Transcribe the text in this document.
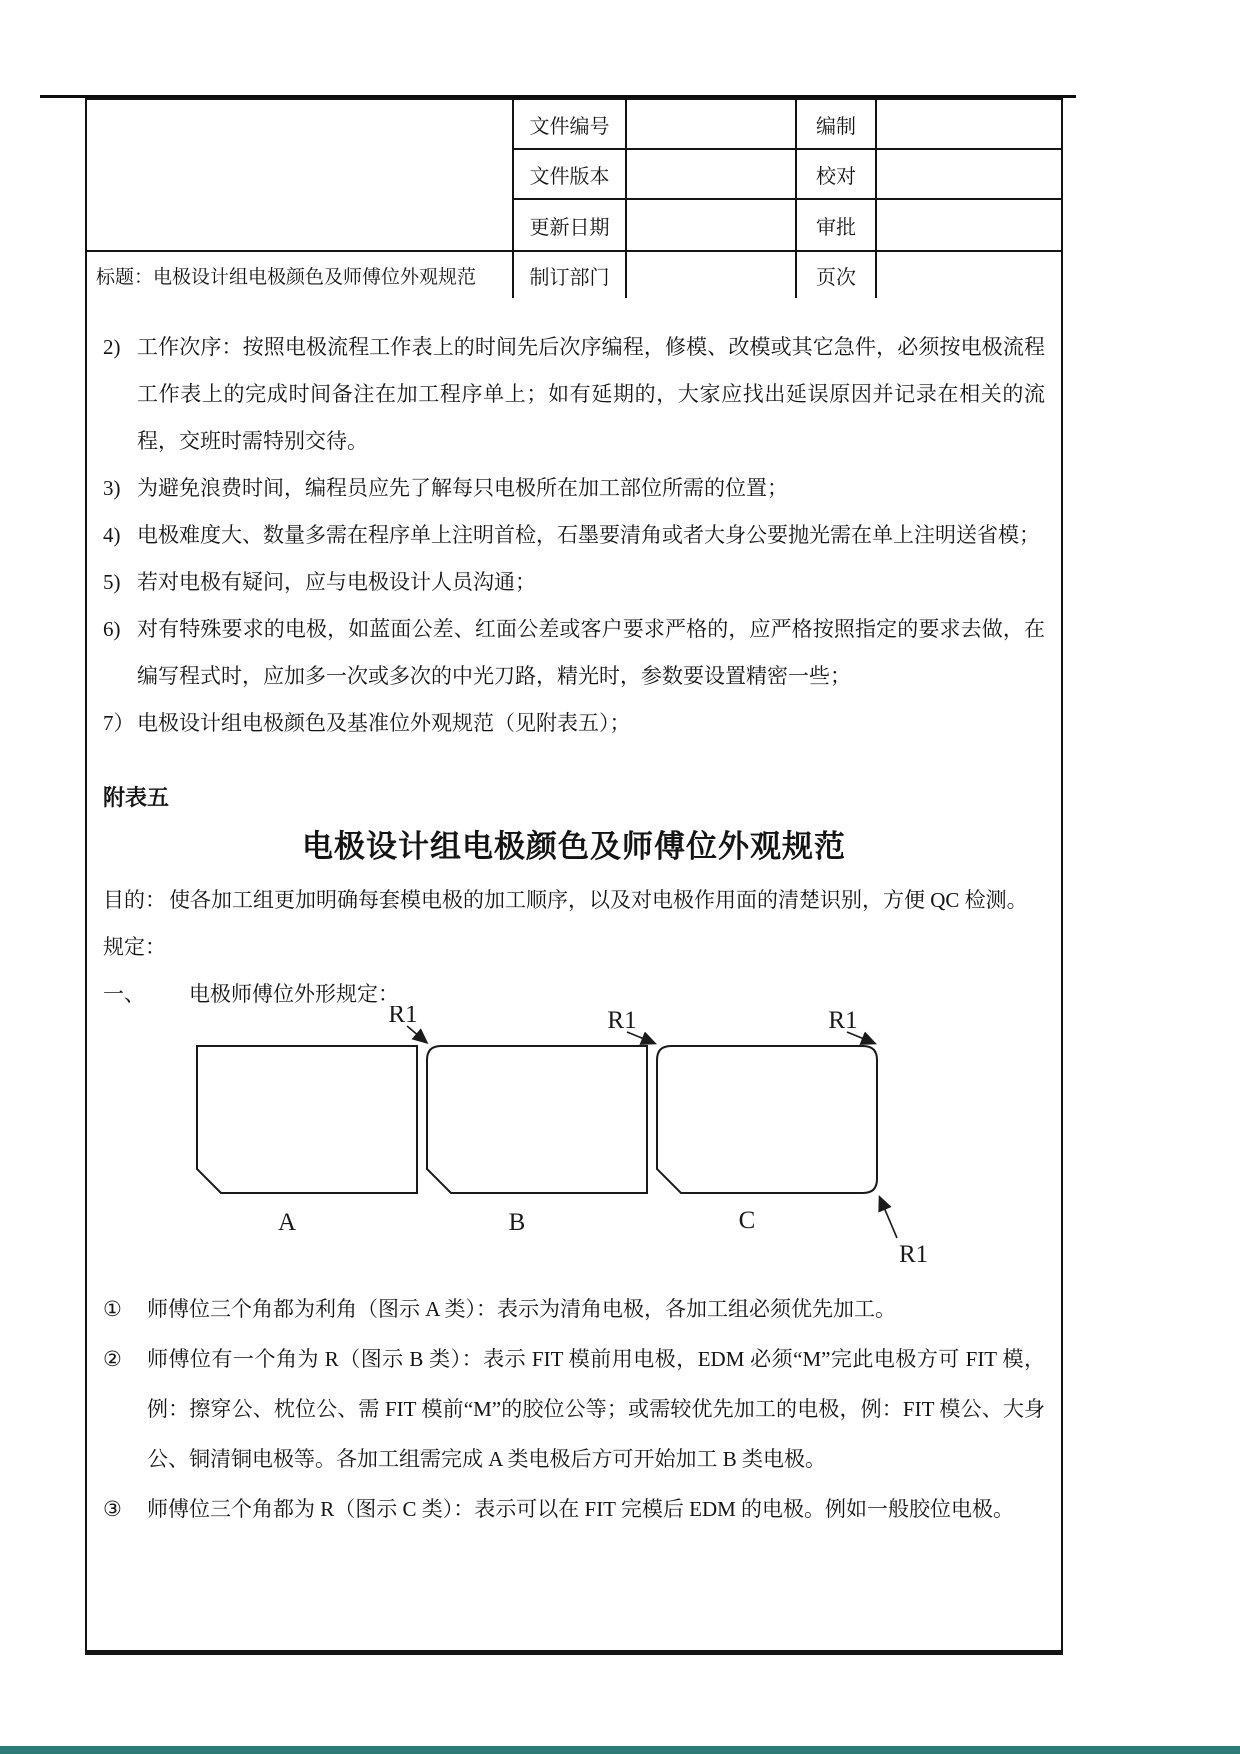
文件编号	编制
文件版本	校对
更新日期	审批
标题： 电极设计组电极颜色及师傅位外观规范	制订部门	页次
2) 工作次序：按照电极流程工作表上的时间先后次序编程，修模、改模或其它急件，必须按电极流程工作表上的完成时间备注在加工程序单上；如有延期的，大家应找出延误原因并记录在相关的流程，交班时需特别交待。
3) 为避免浪费时间，编程员应先了解每只电极所在加工部位所需的位置；
4) 电极难度大、数量多需在程序单上注明首检，石墨要清角或者大身公要抛光需在单上注明送省模；
5) 若对电极有疑问，应与电极设计人员沟通；
6) 对有特殊要求的电极，如蓝面公差、红面公差或客户要求严格的，应严格按照指定的要求去做，在编写程式时，应加多一次或多次的中光刀路，精光时，参数要设置精密一些；
7） 电极设计组电极颜色及基准位外观规范（见附表五）；
附表五
电极设计组电极颜色及师傅位外观规范
目的： 使各加工组更加明确每套模电极的加工顺序，以及对电极作用面的清楚识别，方便 QC 检测。
规定：
一、	电极师傅位外形规定：
R1	R1	R1
R1
A	B	C
①	师傅位三个角都为利角（图示 A 类）：表示为清角电极，各加工组必须优先加工。
②	师傅位有一个角为 R（图示 B 类）：表示 FIT 模前用电极，EDM 必须“M”完此电极方可 FIT 模，例：擦穿公、枕位公、需 FIT 模前“M”的胶位公等；或需较优先加工的电极，例：FIT 模公、大身公、铜清铜电极等。各加工组需完成 A 类电极后方可开始加工 B 类电极。
③	师傅位三个角都为 R（图示 C 类）：表示可以在 FIT 完模后 EDM 的电极。例如一般胶位电极。
